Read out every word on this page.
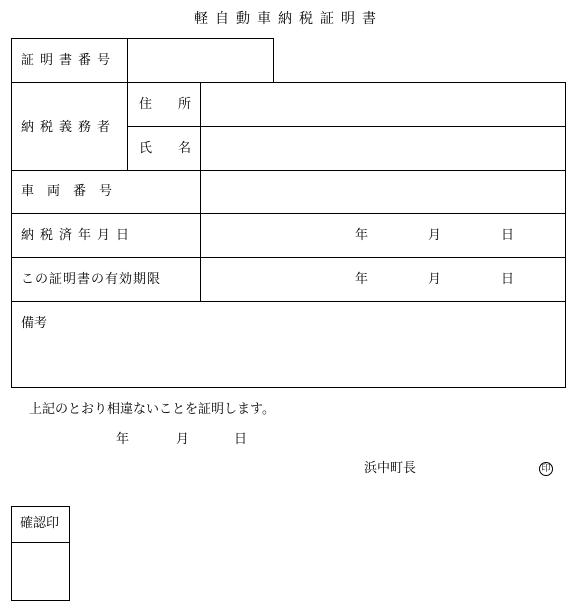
軽自動車納税証明書
証明書番号
納税義務者
住　　所
氏　　名
車　両　番　号
納税済年月日	年	月	日
この証明書の有効期限	年	月	日
備考
上記のとおり相違ないことを証明します。
年	月	日
浜中町長	印
確認印
